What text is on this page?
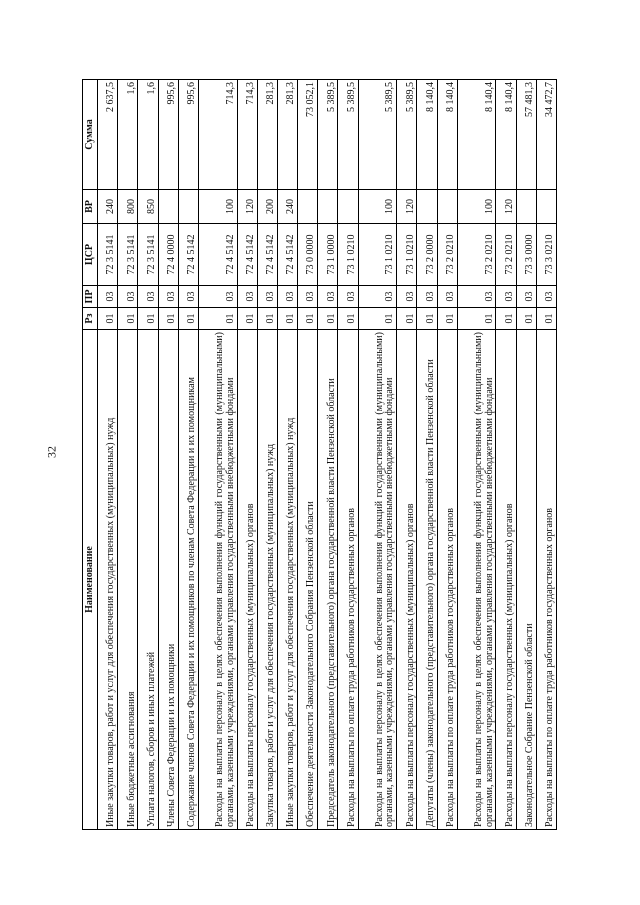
32
Наименование	Рз	ПР	ЦСР	ВР	Сумма
Иные закупки товаров, работ и услуг для обеспечения государственных (муниципальных) нужд	01	03	72 3 5141	240	2 637,5
Иные бюджетные ассигнования	01	03	72 3 5141	800	1,6
Уплата налогов, сборов и иных платежей	01	03	72 3 5141	850	1,6
Члены Совета Федерации и их помощники	01	03	72 4 0000		995,6
Содержание членов Совета Федерации и их помощников по членам Совета Федерации и их помощникам	01	03	72 4 5142		995,6
Расходы на выплаты персоналу в целях обеспечения выполнения функций государственными (муниципальными) органами, казенными учреждениями, органами управления государственными внебюджетными фондами	01	03	72 4 5142	100	714,3
Расходы на выплаты персоналу государственных (муниципальных) органов	01	03	72 4 5142	120	714,3
Закупка товаров, работ и услуг для обеспечения государственных (муниципальных) нужд	01	03	72 4 5142	200	281,3
Иные закупки товаров, работ и услуг для обеспечения государственных (муниципальных) нужд	01	03	72 4 5142	240	281,3
Обеспечение деятельности Законодательного Собрания Пензенской области	01	03	73 0 0000		73 052,1
Председатель законодательного (представительного) органа государственной власти Пензенской области	01	03	73 1 0000		5 389,5
Расходы на выплаты по оплате труда работников государственных органов	01	03	73 1 0210		5 389,5
Расходы на выплаты персоналу в целях обеспечения выполнения функций государственными (муниципальными) органами, казенными учреждениями, органами управления государственными внебюджетными фондами	01	03	73 1 0210	100	5 389,5
Расходы на выплаты персоналу государственных (муниципальных) органов	01	03	73 1 0210	120	5 389,5
Депутаты (члены) законодательного (представительного) органа государственной власти Пензенской области	01	03	73 2 0000		8 140,4
Расходы на выплаты по оплате труда работников государственных органов	01	03	73 2 0210		8 140,4
Расходы на выплаты персоналу в целях обеспечения выполнения функций государственными (муниципальными) органами, казенными учреждениями, органами управления государственными внебюджетными фондами	01	03	73 2 0210	100	8 140,4
Расходы на выплаты персоналу государственных (муниципальных) органов	01	03	73 2 0210	120	8 140,4
Законодательное Собрание Пензенской области	01	03	73 3 0000		57 481,3
Расходы на выплаты по оплате труда работников государственных органов	01	03	73 3 0210		34 472,7
